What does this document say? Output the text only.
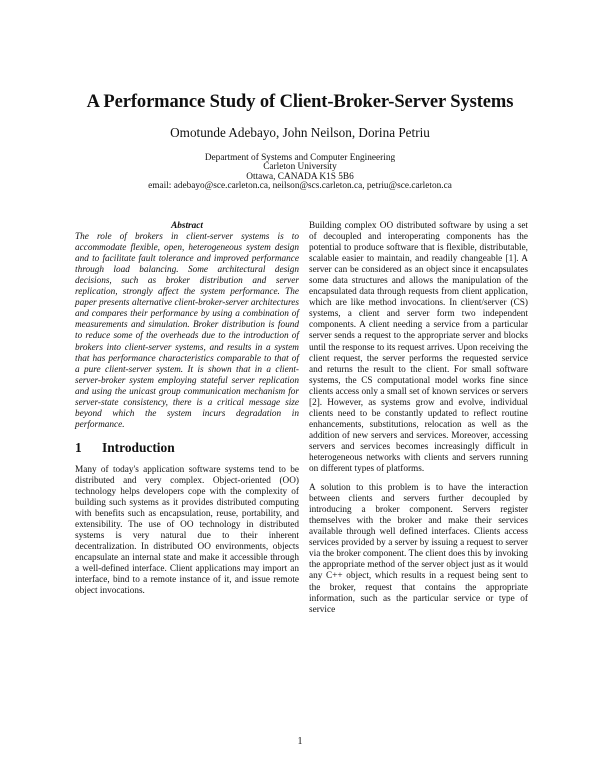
A Performance Study of Client-Broker-Server Systems
Omotunde Adebayo, John Neilson, Dorina Petriu
Department of Systems and Computer Engineering
Carleton University
Ottawa, CANADA K1S 5B6
email: adebayo@sce.carleton.ca, neilson@scs.carleton.ca, petriu@sce.carleton.ca

Abstract

The role of brokers in client-server systems is to accommodate flexible, open, heterogeneous system design and to facilitate fault tolerance and improved performance through load balancing. Some architectural design decisions, such as broker distribution and server replication, strongly affect the system performance. The paper presents alternative client-broker-server architectures and compares their performance by using a combination of measurements and simulation. Broker distribution is found to reduce some of the overheads due to the introduction of brokers into client-server systems, and results in a system that has performance characteristics comparable to that of a pure client-server system. It is shown that in a client-server-broker system employing stateful server replication and using the unicast group communication mechanism for server-state consistency, there is a critical message size beyond which the system incurs degradation in performance.

1 Introduction

Many of today's application software systems tend to be distributed and very complex. Object-oriented (OO) technology helps developers cope with the complexity of building such systems as it provides distributed computing with benefits such as encapsulation, reuse, portability, and extensibility. The use of OO technology in distributed systems is very natural due to their inherent decentralization. In distributed OO environments, objects encapsulate an internal state and make it accessible through a well-defined interface. Client applications may import an interface, bind to a remote instance of it, and issue remote object invocations.

Building complex OO distributed software by using a set of decoupled and interoperating components has the potential to produce software that is flexible, distributable, scalable easier to maintain, and readily changeable [1]. A server can be considered as an object since it encapsulates some data structures and allows the manipulation of the encapsulated data through requests from client application, which are like method invocations. In client/server (CS) systems, a client and server form two independent components. A client needing a service from a particular server sends a request to the appropriate server and blocks until the response to its request arrives. Upon receiving the client request, the server performs the requested service and returns the result to the client. For small software systems, the CS computational model works fine since clients access only a small set of known services or servers [2]. However, as systems grow and evolve, individual clients need to be constantly updated to reflect routine enhancements, substitutions, relocation as well as the addition of new servers and services. Moreover, accessing servers and services becomes increasingly difficult in heterogeneous networks with clients and servers running on different types of platforms.

A solution to this problem is to have the interaction between clients and servers further decoupled by introducing a broker component. Servers register themselves with the broker and make their services available through well defined interfaces. Clients access services provided by a server by issuing a request to server via the broker component. The client does this by invoking the appropriate method of the server object just as it would any C++ object, which results in a request being sent to the broker, request that contains the appropriate information, such as the particular service or type of service

1
